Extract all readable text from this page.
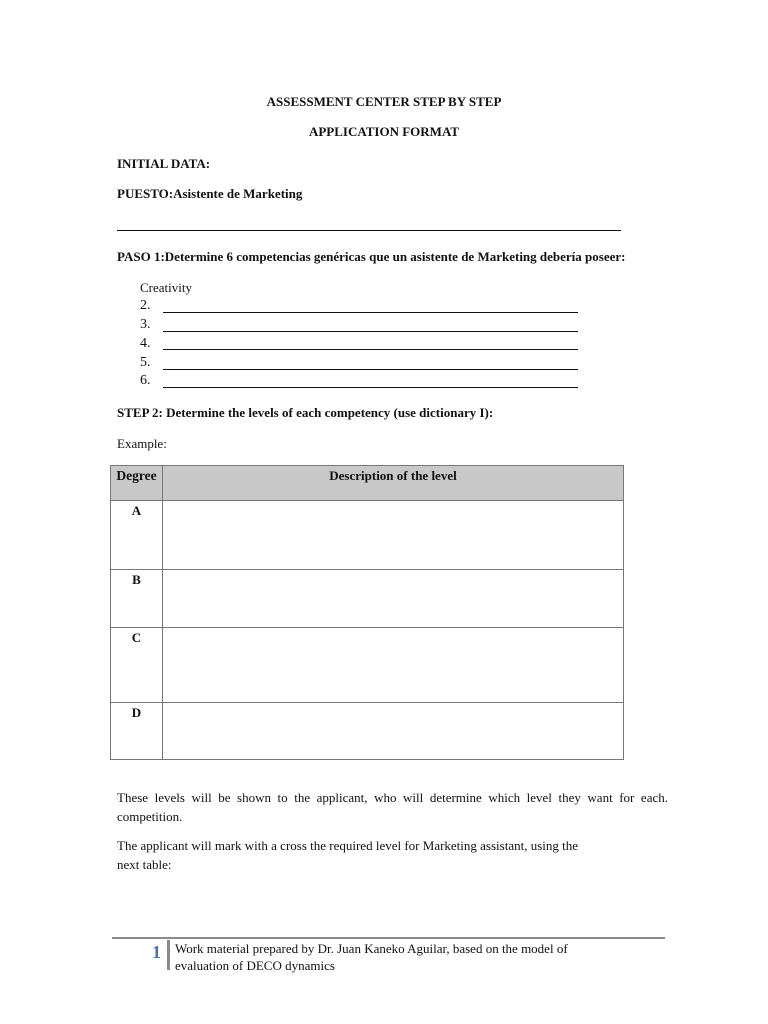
ASSESSMENT CENTER STEP BY STEP
APPLICATION FORMAT
INITIAL DATA:
PUESTO:Asistente de Marketing
PASO 1:Determine 6 competencias genéricas que un asistente de Marketing debería poseer:
Creativity
2.
3.
4.
5.
6.
STEP 2: Determine the levels of each competency (use dictionary I):
Example:
Degree	Description of the level
A	
B	
C	
D	
These levels will be shown to the applicant, who will determine which level they want for each. competition.
The applicant will mark with a cross the required level for Marketing assistant, using the
next table:
1 Work material prepared by Dr. Juan Kaneko Aguilar, based on the model of
evaluation of DECO dynamics
